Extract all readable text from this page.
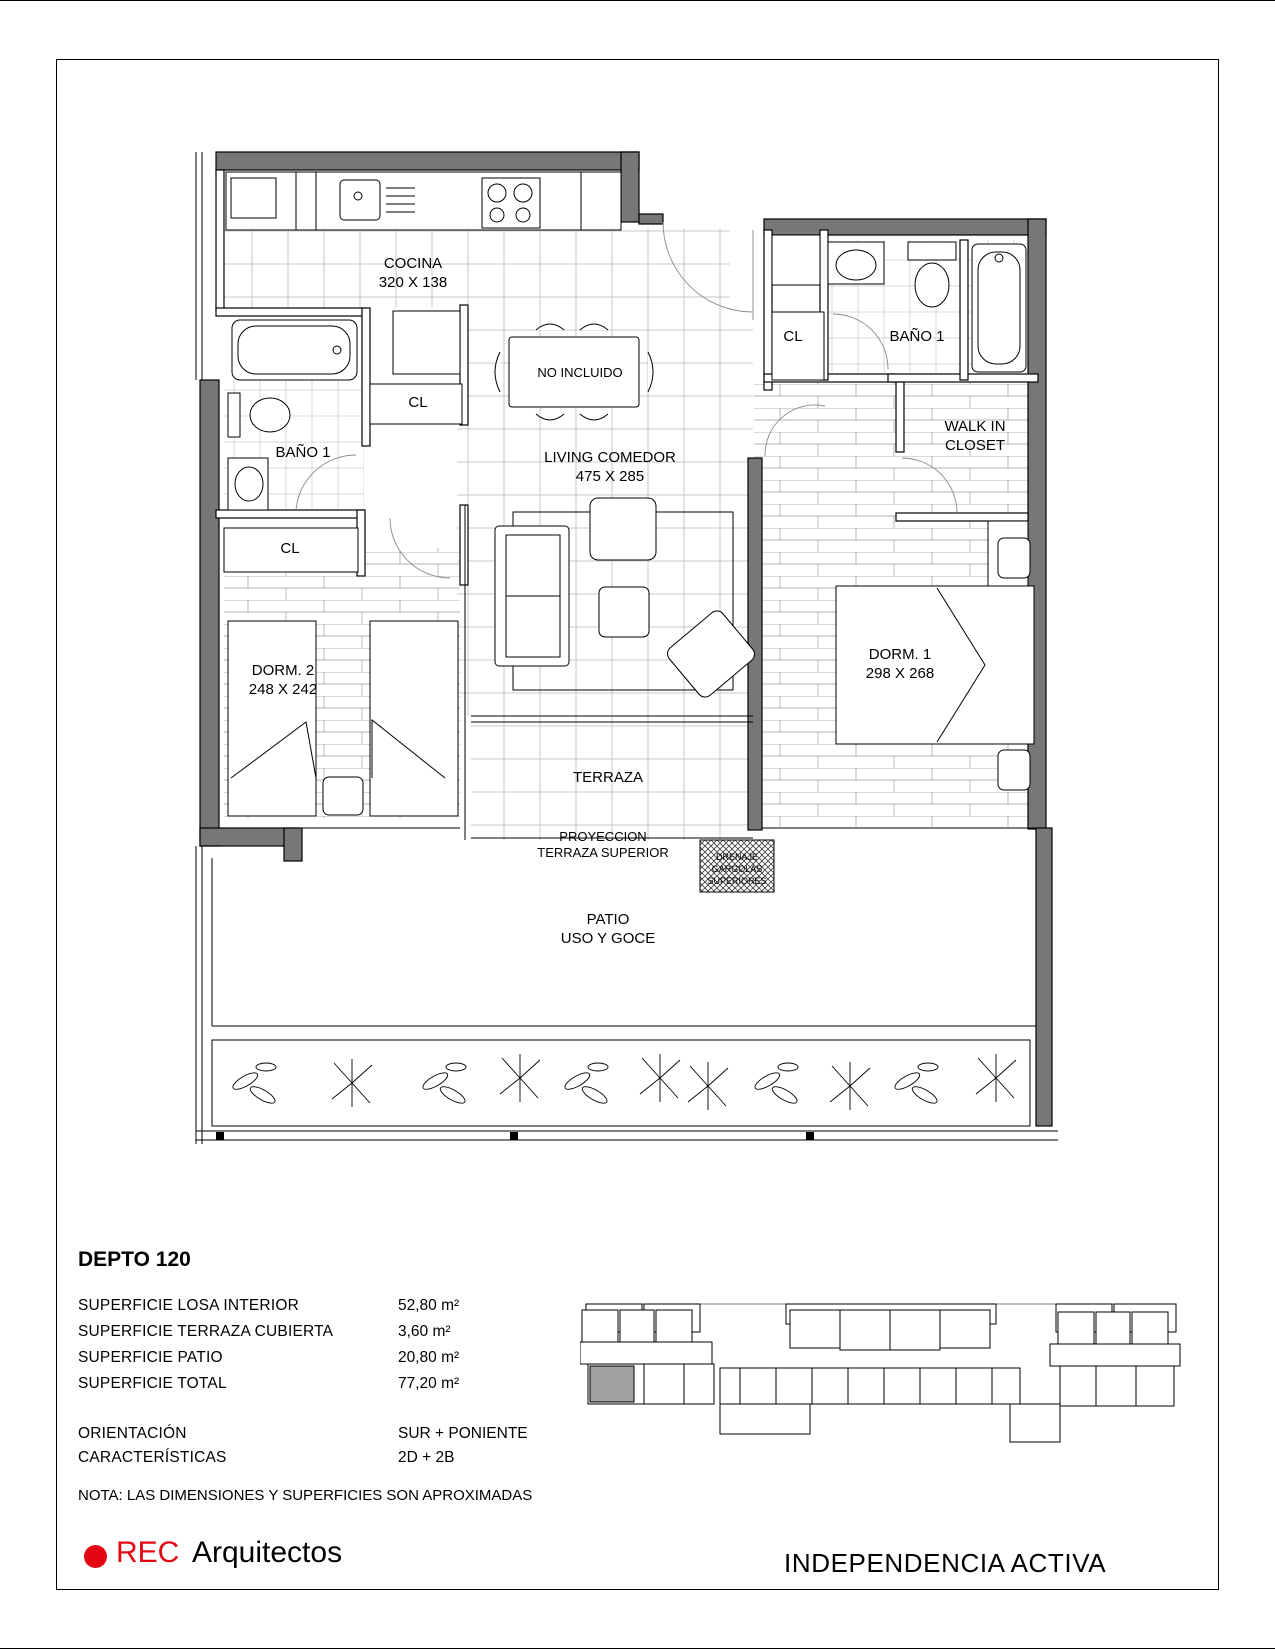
COCINA
320 X 138
CL
BAÑO 1
CL
NO INCLUIDO
LIVING COMEDOR
475 X 285
CL	BAÑO 1
WALK IN
CLOSET
DORM. 1
298 X 268
DORM. 2
248 X 242
TERRAZA
PROYECCION
TERRAZA SUPERIOR	DRENAJE
GARGOLAS
SUPERIORES
PATIO
USO Y GOCE
DEPTO 120
SUPERFICIE LOSA INTERIOR	52,80 m²
SUPERFICIE TERRAZA CUBIERTA	3,60 m²
SUPERFICIE PATIO	20,80 m²
SUPERFICIE TOTAL	77,20 m²
ORIENTACIÓN	SUR + PONIENTE
CARACTERÍSTICAS	2D + 2B
NOTA: LAS DIMENSIONES Y SUPERFICIES SON APROXIMADAS
REC Arquitectos	INDEPENDENCIA ACTIVA
